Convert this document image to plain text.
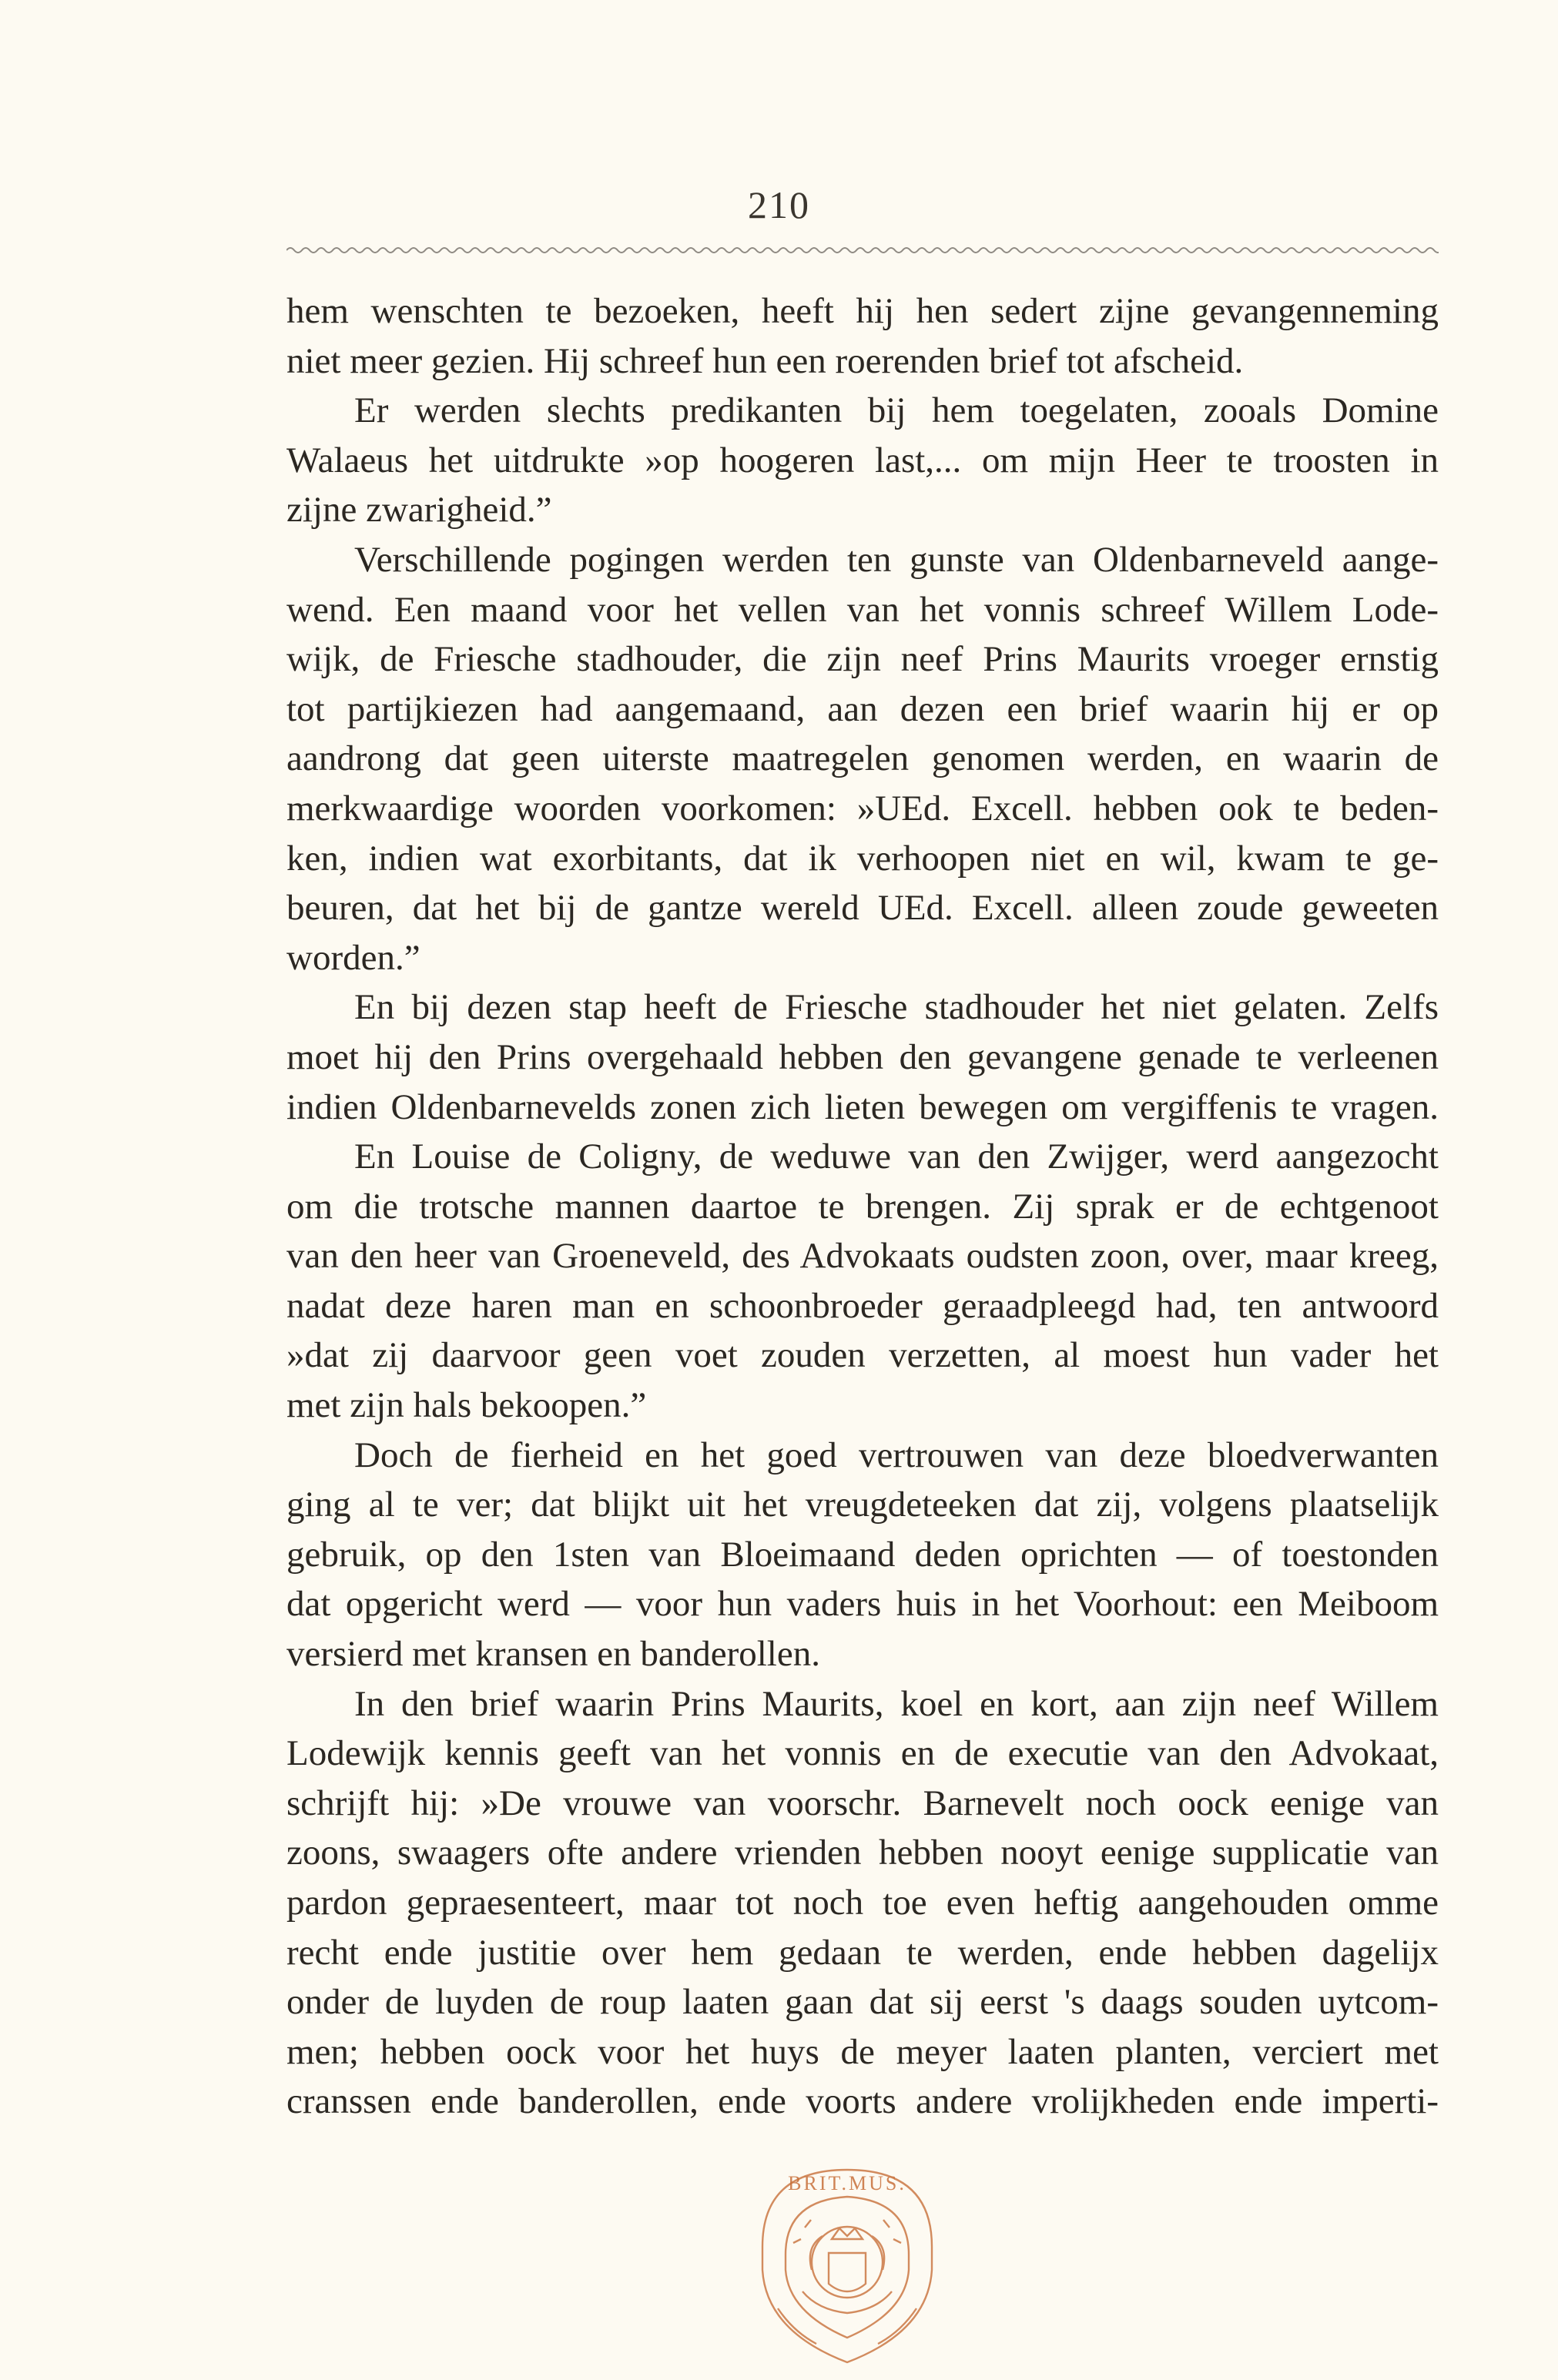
210
hem wenschten te bezoeken, heeft hij hen sedert zijne gevangenneming
niet meer gezien. Hij schreef hun een roerenden brief tot afscheid.
Er werden slechts predikanten bij hem toegelaten, zooals Domine
Walaeus het uitdrukte »op hoogeren last,... om mijn Heer te troosten in
zijne zwarigheid.”
Verschillende pogingen werden ten gunste van Oldenbarneveld aange-
wend. Een maand voor het vellen van het vonnis schreef Willem Lode-
wijk, de Friesche stadhouder, die zijn neef Prins Maurits vroeger ernstig
tot partijkiezen had aangemaand, aan dezen een brief waarin hij er op
aandrong dat geen uiterste maatregelen genomen werden, en waarin de
merkwaardige woorden voorkomen: »UEd. Excell. hebben ook te beden-
ken, indien wat exorbitants, dat ik verhoopen niet en wil, kwam te ge-
beuren, dat het bij de gantze wereld UEd. Excell. alleen zoude geweeten
worden.”
En bij dezen stap heeft de Friesche stadhouder het niet gelaten. Zelfs
moet hij den Prins overgehaald hebben den gevangene genade te verleenen
indien Oldenbarnevelds zonen zich lieten bewegen om vergiffenis te vragen.
En Louise de Coligny, de weduwe van den Zwijger, werd aangezocht
om die trotsche mannen daartoe te brengen. Zij sprak er de echtgenoot
van den heer van Groeneveld, des Advokaats oudsten zoon, over, maar kreeg,
nadat deze haren man en schoonbroeder geraadpleegd had, ten antwoord
»dat zij daarvoor geen voet zouden verzetten, al moest hun vader het
met zijn hals bekoopen.”
Doch de fierheid en het goed vertrouwen van deze bloedverwanten
ging al te ver; dat blijkt uit het vreugdeteeken dat zij, volgens plaatselijk
gebruik, op den 1sten van Bloeimaand deden oprichten — of toestonden
dat opgericht werd — voor hun vaders huis in het Voorhout: een Meiboom
versierd met kransen en banderollen.
In den brief waarin Prins Maurits, koel en kort, aan zijn neef Willem
Lodewijk kennis geeft van het vonnis en de executie van den Advokaat,
schrijft hij: »De vrouwe van voorschr. Barnevelt noch oock eenige van
zoons, swaagers ofte andere vrienden hebben nooyt eenige supplicatie van
pardon gepraesenteert, maar tot noch toe even heftig aangehouden omme
recht ende justitie over hem gedaan te werden, ende hebben dagelijx
onder de luyden de roup laaten gaan dat sij eerst 's daags souden uytcom-
men; hebben oock voor het huys de meyer laaten planten, verciert met
cranssen ende banderollen, ende voorts andere vrolijkheden ende imperti-
BRIT.MUS.
